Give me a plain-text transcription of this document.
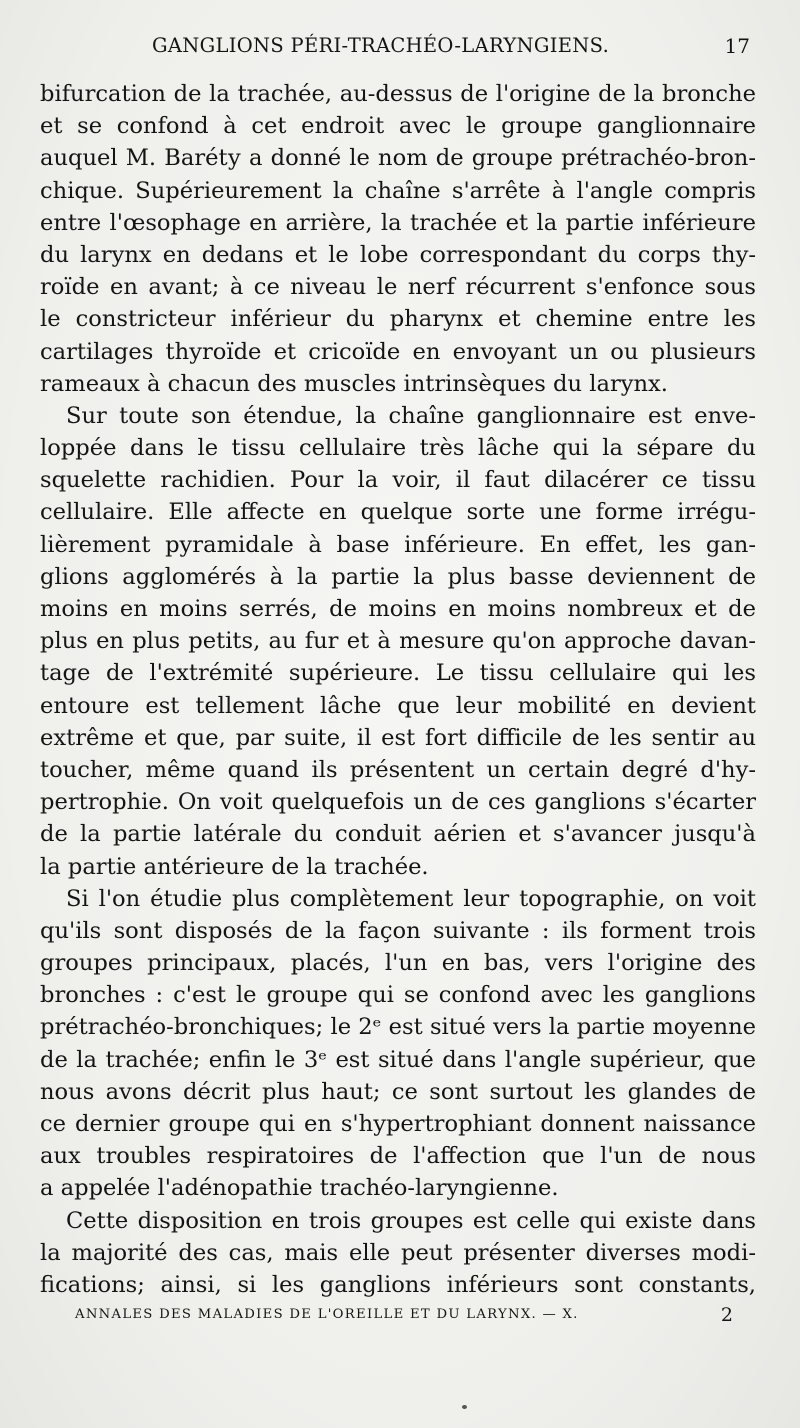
GANGLIONS PÉRI-TRACHÉO-LARYNGIENS.	17
bifurcation de la trachée, au-dessus de l'origine de la bronche
et se confond à cet endroit avec le groupe ganglionnaire
auquel M. Barétу a donné le nom de groupe prétrachéo-bron-
chique. Supérieurement la chaîne s'arrête à l'angle compris
entre l'œsophage en arrière, la trachée et la partie inférieure
du larynx en dedans et le lobe correspondant du corps thy-
roïde en avant; à ce niveau le nerf récurrent s'enfonce sous
le constricteur inférieur du pharynx et chemine entre les
cartilages thyroïde et cricoïde en envoyant un ou plusieurs
rameaux à chacun des muscles intrinsèques du larynx.
Sur toute son étendue, la chaîne ganglionnaire est enve-
loppée dans le tissu cellulaire très lâche qui la sépare du
squelette rachidien. Pour la voir, il faut dilacérer ce tissu
cellulaire. Elle affecte en quelque sorte une forme irrégu-
lièrement pyramidale à base inférieure. En effet, les gan-
glions agglomérés à la partie la plus basse deviennent de
moins en moins serrés, de moins en moins nombreux et de
plus en plus petits, au fur et à mesure qu'on approche davan-
tage de l'extrémité supérieure. Le tissu cellulaire qui les
entoure est tellement lâche que leur mobilité en devient
extrême et que, par suite, il est fort difficile de les sentir au
toucher, même quand ils présentent un certain degré d'hy-
pertrophie. On voit quelquefois un de ces ganglions s'écarter
de la partie latérale du conduit aérien et s'avancer jusqu'à
la partie antérieure de la trachée.
Si l'on étudie plus complètement leur topographie, on voit
qu'ils sont disposés de la façon suivante : ils forment trois
groupes principaux, placés, l'un en bas, vers l'origine des
bronches : c'est le groupe qui se confond avec les ganglions
prétrachéo-bronchiques; le 2ᵉ est situé vers la partie moyenne
de la trachée; enfin le 3ᵉ est situé dans l'angle supérieur, que
nous avons décrit plus haut; ce sont surtout les glandes de
ce dernier groupe qui en s'hypertrophiant donnent naissance
aux troubles respiratoires de l'affection que l'un de nous
a appelée l'adénopathie trachéo-laryngienne.
Cette disposition en trois groupes est celle qui existe dans
la majorité des cas, mais elle peut présenter diverses modi-
fications; ainsi, si les ganglions inférieurs sont constants,
ANNALES DES MALADIES DE L'OREILLE ET DU LARYNX. — X.	2
